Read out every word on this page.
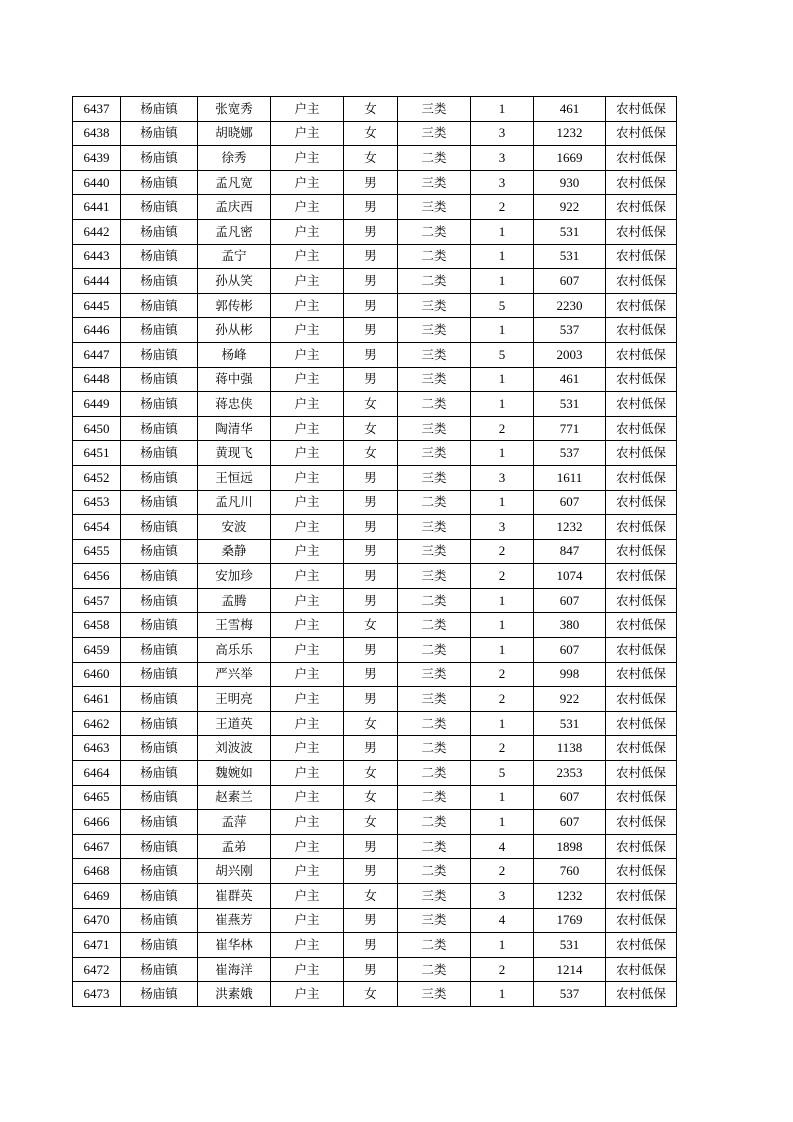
6437	杨庙镇	张宽秀	户主	女	三类	1	461	农村低保
6438	杨庙镇	胡晓娜	户主	女	三类	3	1232	农村低保
6439	杨庙镇	徐秀	户主	女	二类	3	1669	农村低保
6440	杨庙镇	孟凡宽	户主	男	三类	3	930	农村低保
6441	杨庙镇	孟庆西	户主	男	三类	2	922	农村低保
6442	杨庙镇	孟凡密	户主	男	二类	1	531	农村低保
6443	杨庙镇	孟宁	户主	男	二类	1	531	农村低保
6444	杨庙镇	孙从笑	户主	男	二类	1	607	农村低保
6445	杨庙镇	郭传彬	户主	男	三类	5	2230	农村低保
6446	杨庙镇	孙从彬	户主	男	三类	1	537	农村低保
6447	杨庙镇	杨峰	户主	男	三类	5	2003	农村低保
6448	杨庙镇	蒋中强	户主	男	三类	1	461	农村低保
6449	杨庙镇	蒋忠侠	户主	女	二类	1	531	农村低保
6450	杨庙镇	陶清华	户主	女	三类	2	771	农村低保
6451	杨庙镇	黄现飞	户主	女	三类	1	537	农村低保
6452	杨庙镇	王恒远	户主	男	三类	3	1611	农村低保
6453	杨庙镇	孟凡川	户主	男	二类	1	607	农村低保
6454	杨庙镇	安波	户主	男	三类	3	1232	农村低保
6455	杨庙镇	桑静	户主	男	三类	2	847	农村低保
6456	杨庙镇	安加珍	户主	男	三类	2	1074	农村低保
6457	杨庙镇	孟腾	户主	男	二类	1	607	农村低保
6458	杨庙镇	王雪梅	户主	女	二类	1	380	农村低保
6459	杨庙镇	高乐乐	户主	男	二类	1	607	农村低保
6460	杨庙镇	严兴举	户主	男	三类	2	998	农村低保
6461	杨庙镇	王明亮	户主	男	三类	2	922	农村低保
6462	杨庙镇	王道英	户主	女	二类	1	531	农村低保
6463	杨庙镇	刘波波	户主	男	二类	2	1138	农村低保
6464	杨庙镇	魏婉如	户主	女	二类	5	2353	农村低保
6465	杨庙镇	赵素兰	户主	女	二类	1	607	农村低保
6466	杨庙镇	孟萍	户主	女	二类	1	607	农村低保
6467	杨庙镇	孟弟	户主	男	二类	4	1898	农村低保
6468	杨庙镇	胡兴刚	户主	男	二类	2	760	农村低保
6469	杨庙镇	崔群英	户主	女	三类	3	1232	农村低保
6470	杨庙镇	崔燕芳	户主	男	三类	4	1769	农村低保
6471	杨庙镇	崔华林	户主	男	二类	1	531	农村低保
6472	杨庙镇	崔海洋	户主	男	二类	2	1214	农村低保
6473	杨庙镇	洪素娥	户主	女	三类	1	537	农村低保
